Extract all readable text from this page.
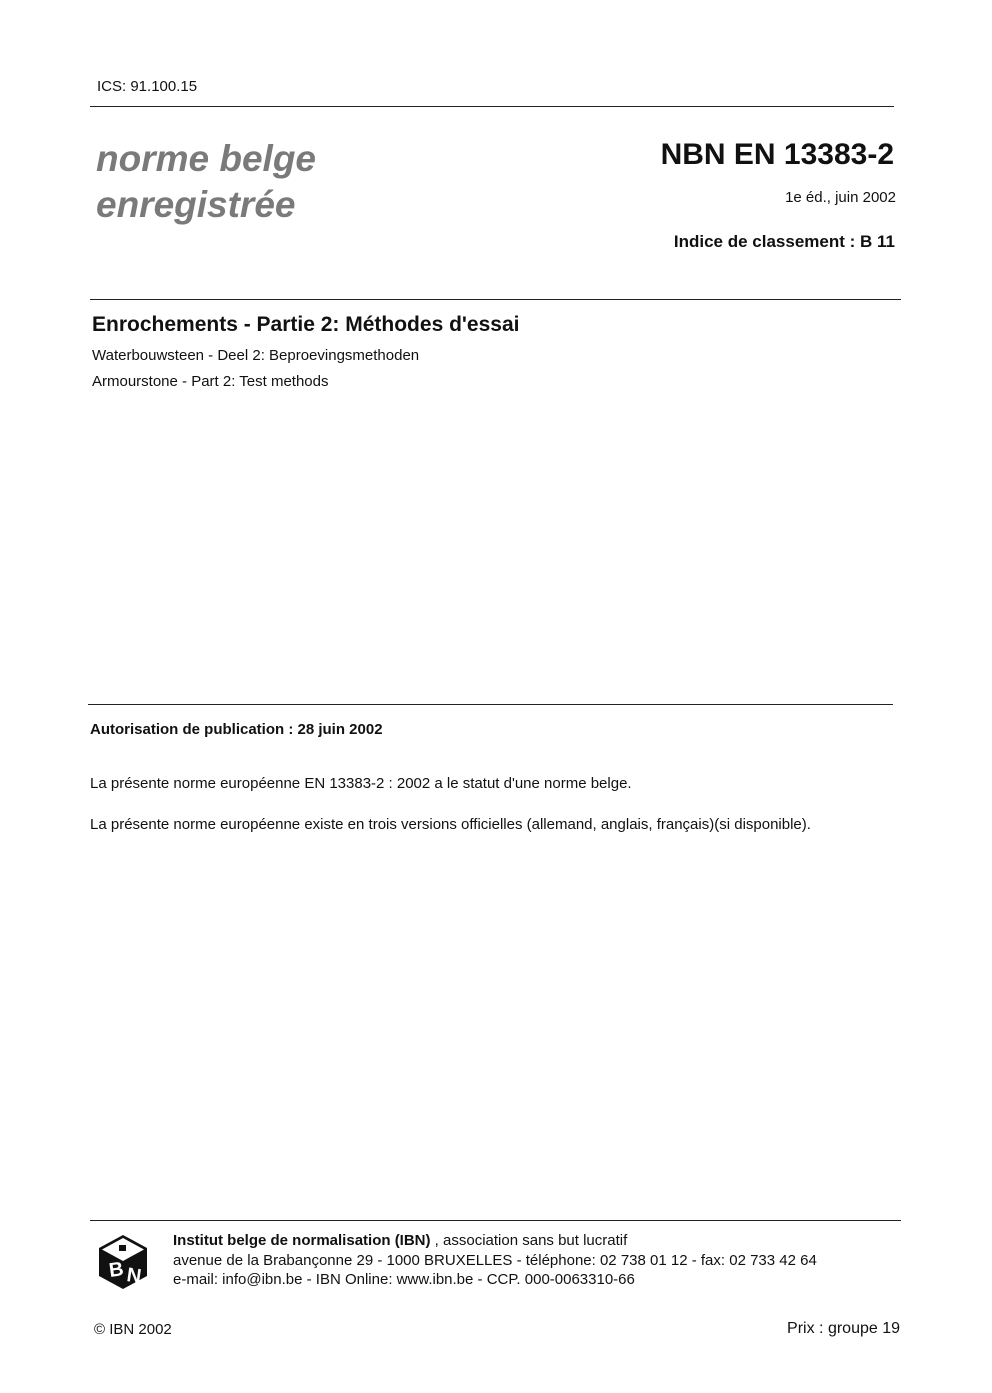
ICS: 91.100.15
norme belge
enregistrée
NBN EN 13383-2
1e éd., juin 2002
Indice de classement : B 11
Enrochements - Partie 2: Méthodes d'essai
Waterbouwsteen - Deel 2: Beproevingsmethoden
Armourstone - Part 2: Test methods
Autorisation de publication : 28 juin 2002
La présente norme européenne EN 13383-2 : 2002 a le statut d'une norme belge.
La présente norme européenne existe en trois versions officielles (allemand, anglais, français)(si disponible).
B N
Institut belge de normalisation (IBN) , association sans but lucratif
avenue de la Brabançonne 29 - 1000 BRUXELLES - téléphone: 02 738 01 12 - fax: 02 733 42 64
e-mail: info@ibn.be - IBN Online: www.ibn.be - CCP. 000-0063310-66
© IBN 2002	Prix : groupe 19
